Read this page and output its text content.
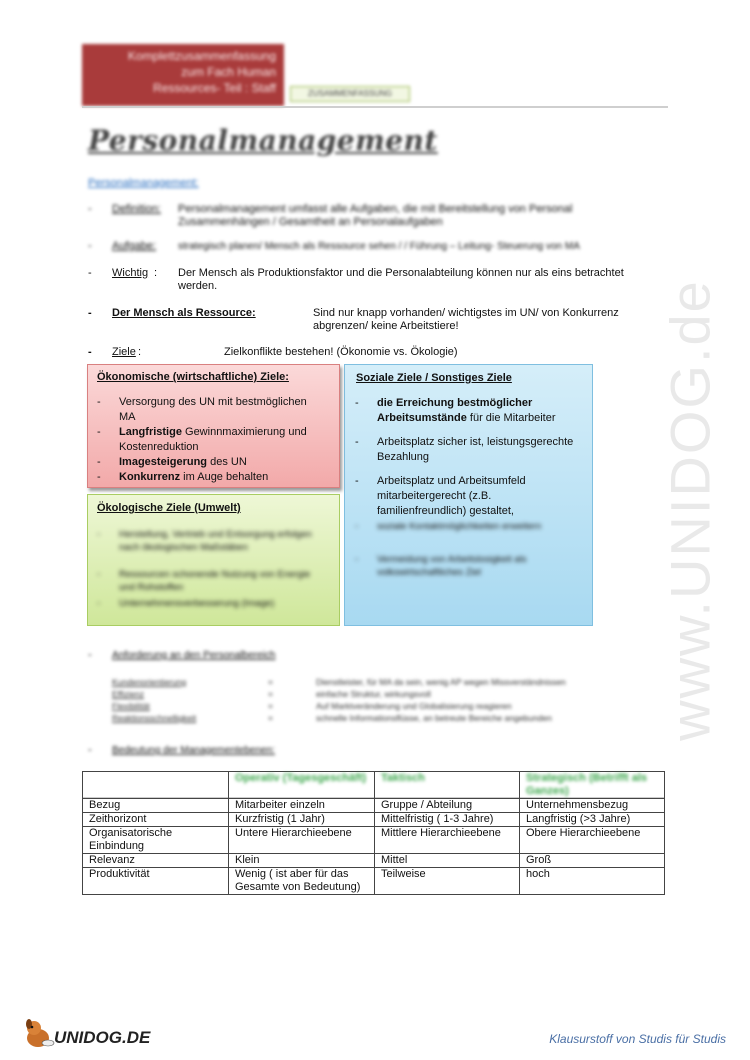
www.UNIDOG.de
Komplettzusammenfassung
zum Fach Human
Ressources- Teil : Staff	ZUSAMMENFASSUNG
Personalmanagement
Personalmanagement:
- Definition: Personalmanagement umfasst alle Aufgaben, die mit Bereitstellung von Personal Zusammenhängen / Gesamtheit an Personalaufgaben
- Aufgabe: strategisch planen/ Mensch als Ressource sehen / / Führung – Leitung- Steuerung von MA
- Wichtig : Der Mensch als Produktionsfaktor und die Personalabteilung können nur als eins betrachtet werden.
- Der Mensch als Ressource:	Sind nur knapp vorhanden/ wichtigstes im UN/ von Konkurrenz abgrenzen/ keine Arbeitstiere!
- Ziele :	Zielkonflikte bestehen! (Ökonomie vs. Ökologie)
Soziale Ziele / Sonstiges Ziele
- die Erreichung bestmöglicher Arbeitsumstände für die Mitarbeiter
- Arbeitsplatz sicher ist, leistungsgerechte Bezahlung
- Arbeitsplatz und Arbeitsumfeld mitarbeitergerecht (z.B. familienfreundlich) gestaltet,
- soziale Kontaktmöglichkeiten erweitern
- Vermeidung von Arbeitslosigkeit als volkswirtschaftliches Ziel
Ökonomische (wirtschaftliche) Ziele:
- Versorgung des UN mit bestmöglichen MA
- Langfristige Gewinnmaximierung und Kostenreduktion
- Imagesteigerung des UN
- Konkurrenz im Auge behalten
Ökologische Ziele (Umwelt)
- Herstellung, Vertrieb und Entsorgung erfolgen nach ökologischen Maßstäben
- Ressourcen schonende Nutzung von Energie und Rohstoffen
- Unternehmensverbesserung (Image)
- Anforderung an den Personalbereich
Kundenorientierung	=	Dienstleister, für MA da sein, wenig AP wegen Missverständnissen
Effizienz	=	einfache Struktur, wirkungsvoll
Flexibilität	=	Auf Marktveränderung und Globalisierung reagieren
Reaktionsschnelligkeit	=	schnelle Informationsflüsse, an betreute Bereiche angebunden
- Bedeutung der Managementebenen:
	Operativ (Tagesgeschäft)	Taktisch	Strategisch (Betrifft als Ganzes)
Bezug	Mitarbeiter einzeln	Gruppe / Abteilung	Unternehmensbezug
Zeithorizont	Kurzfristig (1 Jahr)	Mittelfristig ( 1-3 Jahre)	Langfristig (>3 Jahre)
Organisatorische Einbindung	Untere Hierarchieebene	Mittlere Hierarchieebene	Obere Hierarchieebene
Relevanz	Klein	Mittel	Groß
Produktivität	Wenig ( ist aber für das Gesamte von Bedeutung)	Teilweise	hoch
UNIDOG.DE	Klausurstoff von Studis für Studis
